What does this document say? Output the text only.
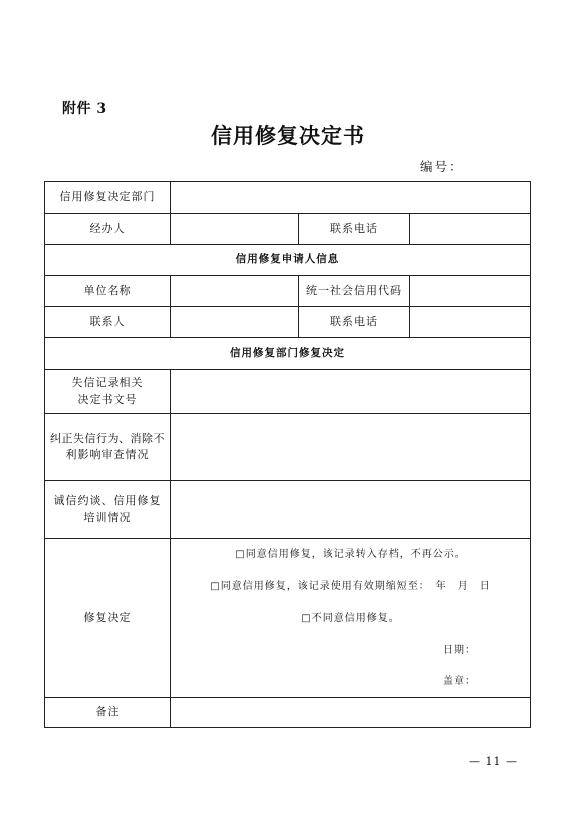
附件 3
信用修复决定书
编号：
信用修复决定部门			
经办人		联系电话	
信用修复申请人信息			
单位名称		统一社会信用代码	
联系人		联系电话	
信用修复部门修复决定			

失信记录相关
决定书文号			

纠正失信行为、消除不
利影响审查情况			

诚信约谈、信用修复
培训情况			

修复决定	□同意信用修复，该记录转入存档，不再公示。
□同意信用修复，该记录使用有效期缩短至：　年　月　日
□不同意信用修复。
日期：
盖章：		

备注			
— 11 —
